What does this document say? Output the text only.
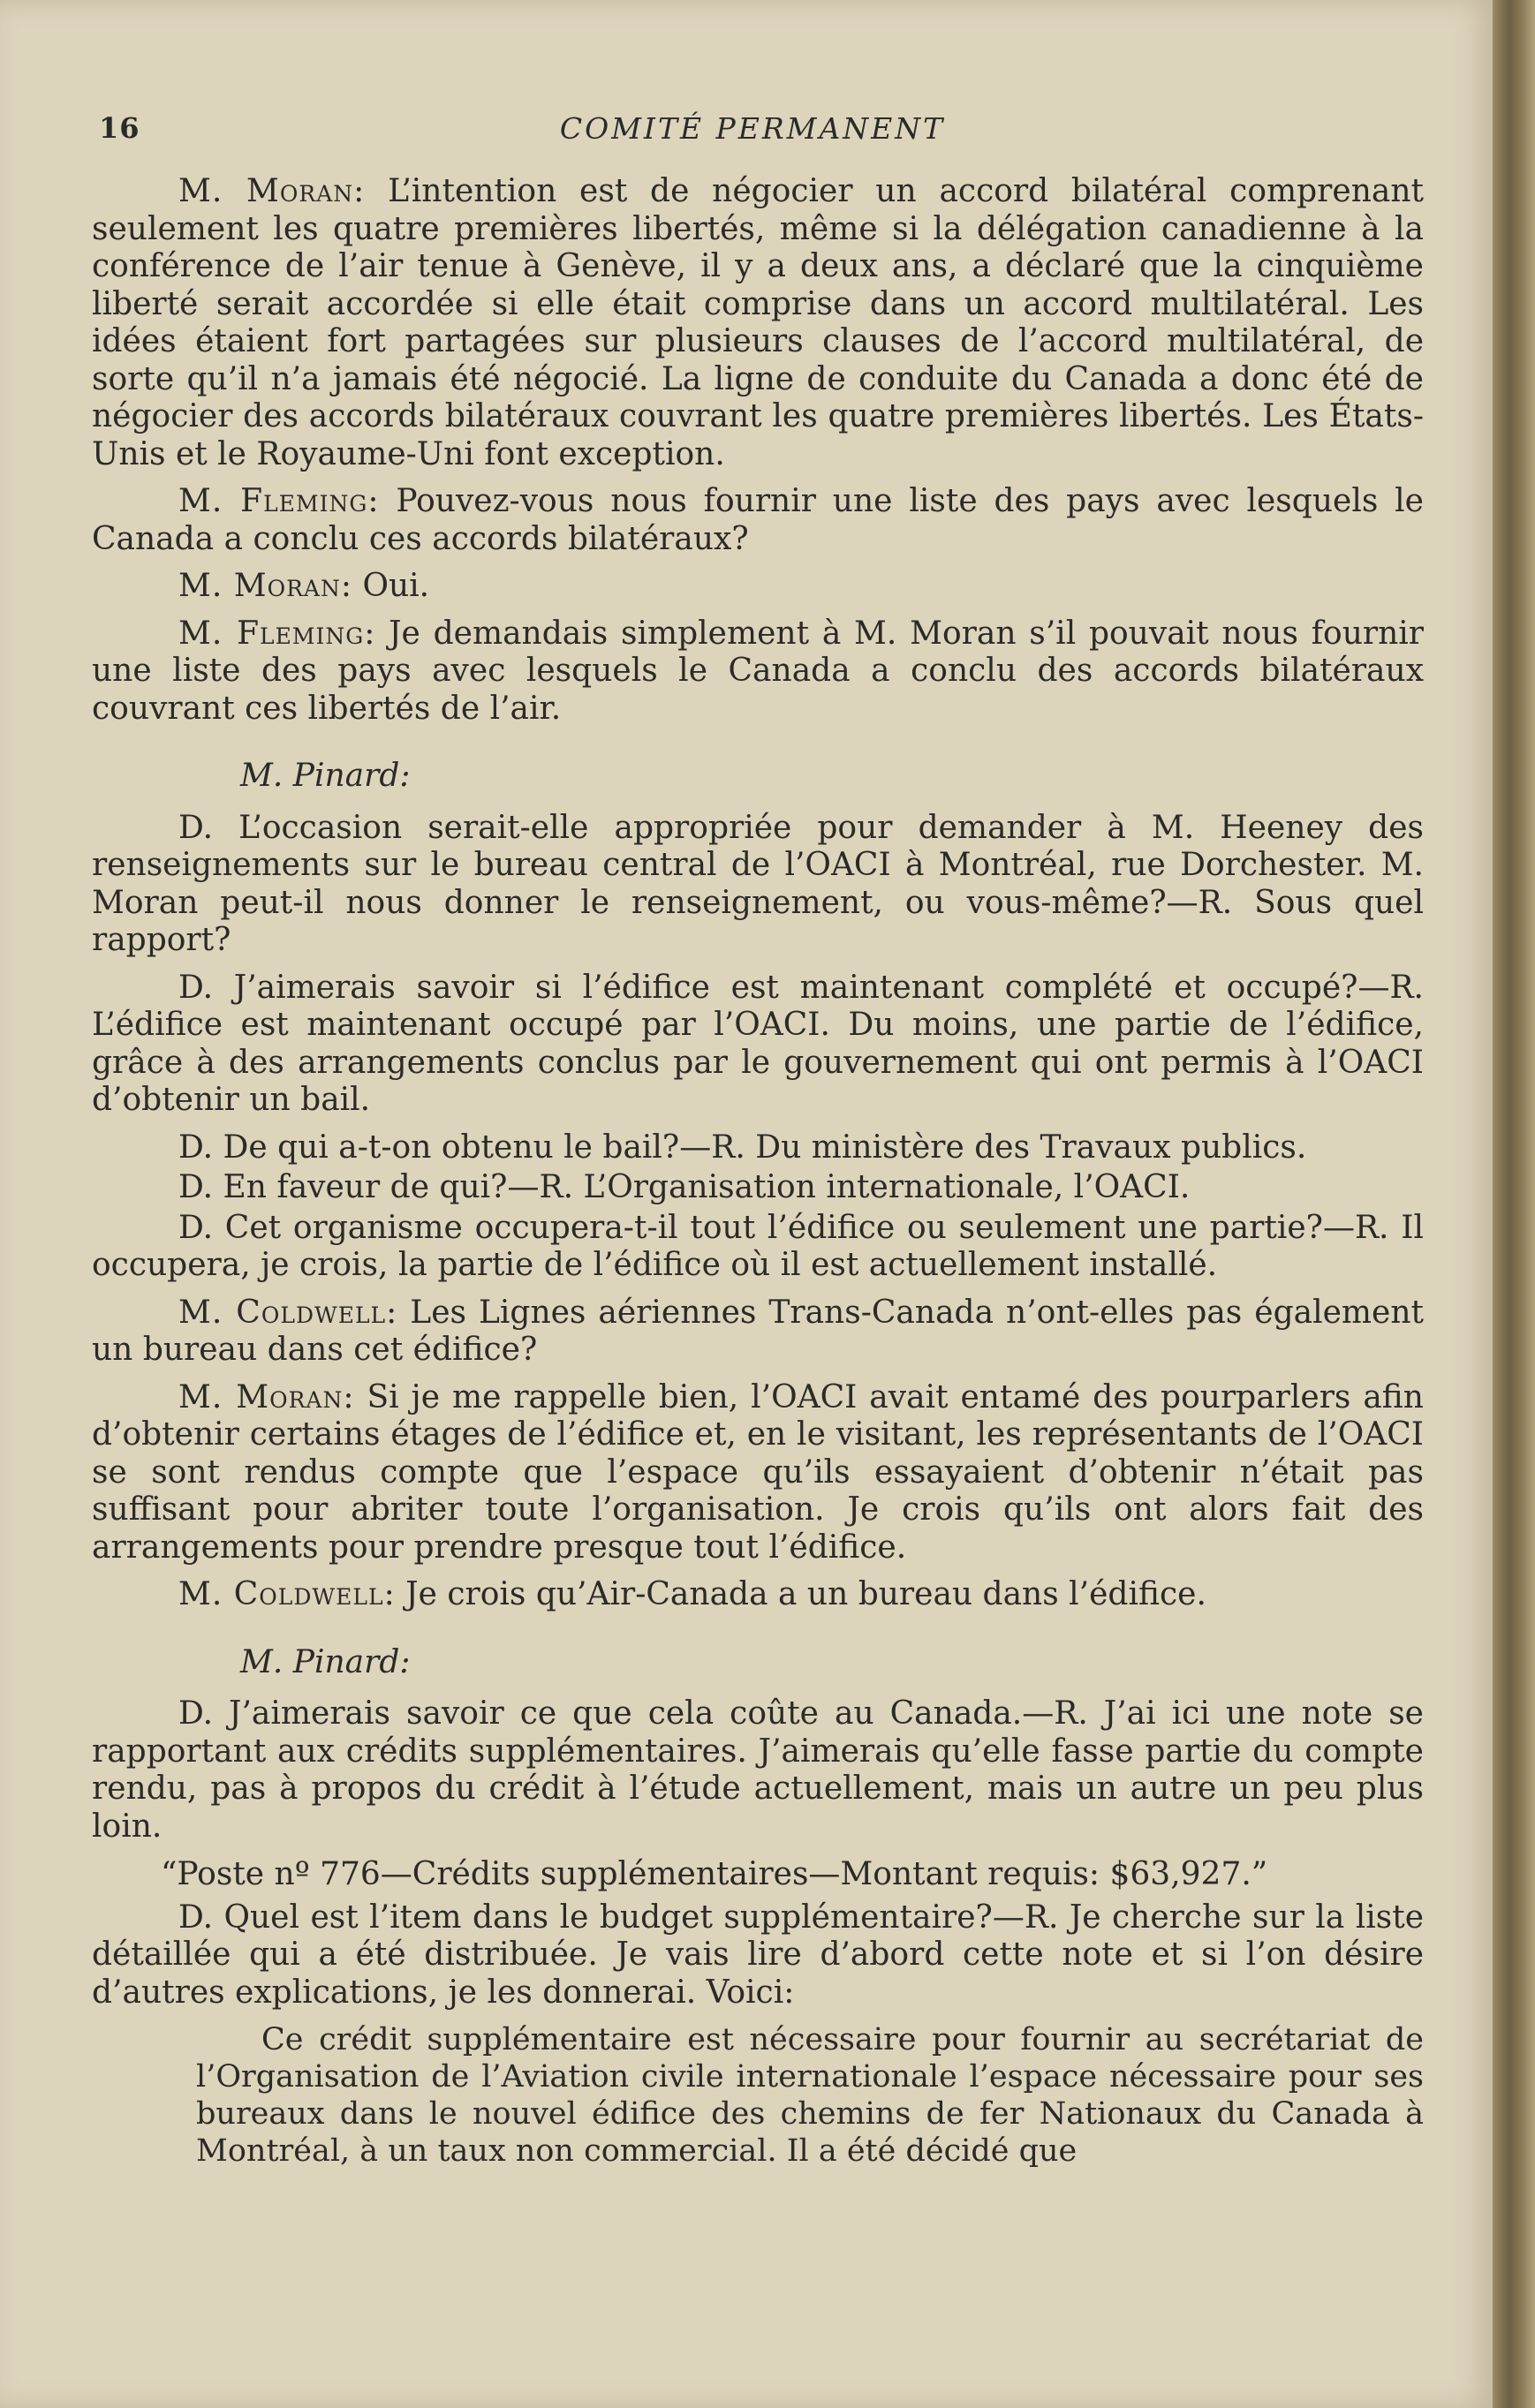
16	COMITÉ PERMANENT

M. Moran: L’intention est de négocier un accord bilatéral comprenant seulement les quatre premières libertés, même si la délégation canadienne à la conférence de l’air tenue à Genève, il y a deux ans, a déclaré que la cinquième liberté serait accordée si elle était comprise dans un accord multilatéral. Les idées étaient fort partagées sur plusieurs clauses de l’accord multilatéral, de sorte qu’il n’a jamais été négocié. La ligne de conduite du Canada a donc été de négocier des accords bilatéraux couvrant les quatre premières libertés. Les États-Unis et le Royaume-Uni font exception.

M. Fleming: Pouvez-vous nous fournir une liste des pays avec lesquels le Canada a conclu ces accords bilatéraux?

M. Moran: Oui.

M. Fleming: Je demandais simplement à M. Moran s’il pouvait nous fournir une liste des pays avec lesquels le Canada a conclu des accords bilatéraux couvrant ces libertés de l’air.

M. Pinard:

D. L’occasion serait-elle appropriée pour demander à M. Heeney des renseignements sur le bureau central de l’OACI à Montréal, rue Dorchester. M. Moran peut-il nous donner le renseignement, ou vous-même?—R. Sous quel rapport?

D. J’aimerais savoir si l’édifice est maintenant complété et occupé?—R. L’édifice est maintenant occupé par l’OACI. Du moins, une partie de l’édifice, grâce à des arrangements conclus par le gouvernement qui ont permis à l’OACI d’obtenir un bail.

D. De qui a-t-on obtenu le bail?—R. Du ministère des Travaux publics.

D. En faveur de qui?—R. L’Organisation internationale, l’OACI.

D. Cet organisme occupera-t-il tout l’édifice ou seulement une partie?—R. Il occupera, je crois, la partie de l’édifice où il est actuellement installé.

M. Coldwell: Les Lignes aériennes Trans-Canada n’ont-elles pas également un bureau dans cet édifice?

M. Moran: Si je me rappelle bien, l’OACI avait entamé des pourparlers afin d’obtenir certains étages de l’édifice et, en le visitant, les représentants de l’OACI se sont rendus compte que l’espace qu’ils essayaient d’obtenir n’était pas suffisant pour abriter toute l’organisation. Je crois qu’ils ont alors fait des arrangements pour prendre presque tout l’édifice.

M. Coldwell: Je crois qu’Air-Canada a un bureau dans l’édifice.

M. Pinard:

D. J’aimerais savoir ce que cela coûte au Canada.—R. J’ai ici une note se rapportant aux crédits supplémentaires. J’aimerais qu’elle fasse partie du compte rendu, pas à propos du crédit à l’étude actuellement, mais un autre un peu plus loin.

“Poste nº 776—Crédits supplémentaires—Montant requis: $63,927.”

D. Quel est l’item dans le budget supplémentaire?—R. Je cherche sur la liste détaillée qui a été distribuée. Je vais lire d’abord cette note et si l’on désire d’autres explications, je les donnerai. Voici:

Ce crédit supplémentaire est nécessaire pour fournir au secrétariat de l’Organisation de l’Aviation civile internationale l’espace nécessaire pour ses bureaux dans le nouvel édifice des chemins de fer Nationaux du Canada à Montréal, à un taux non commercial. Il a été décidé que
